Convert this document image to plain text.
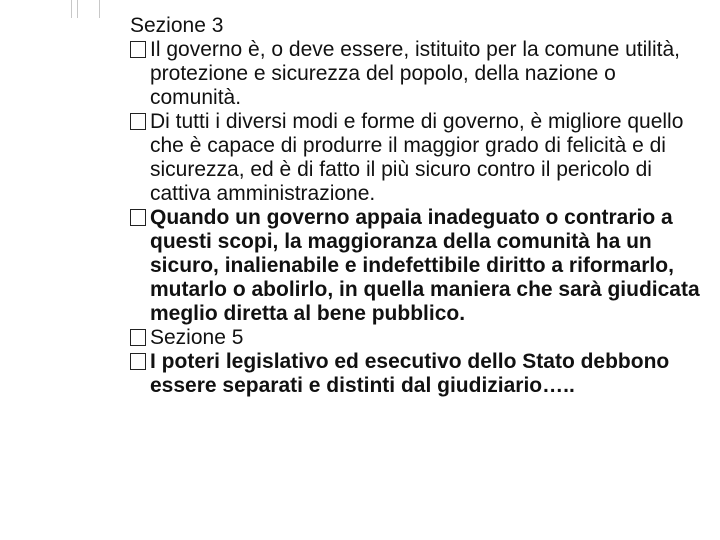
Sezione 3
Il governo è, o deve essere, istituito per la comune utilità, protezione e sicurezza del popolo, della nazione o comunità.
Di tutti i diversi modi e forme di governo, è migliore quello che è capace di produrre il maggior grado di felicità e di sicurezza, ed è di fatto il più sicuro contro il pericolo di cattiva amministrazione.
Quando un governo appaia inadeguato o contrario a questi scopi, la maggioranza della comunità ha un sicuro, inalienabile e indefettibile diritto a riformarlo, mutarlo o abolirlo, in quella maniera che sarà giudicata meglio diretta al bene pubblico.
Sezione 5
I poteri legislativo ed esecutivo dello Stato debbono essere separati e distinti dal giudiziario…..
